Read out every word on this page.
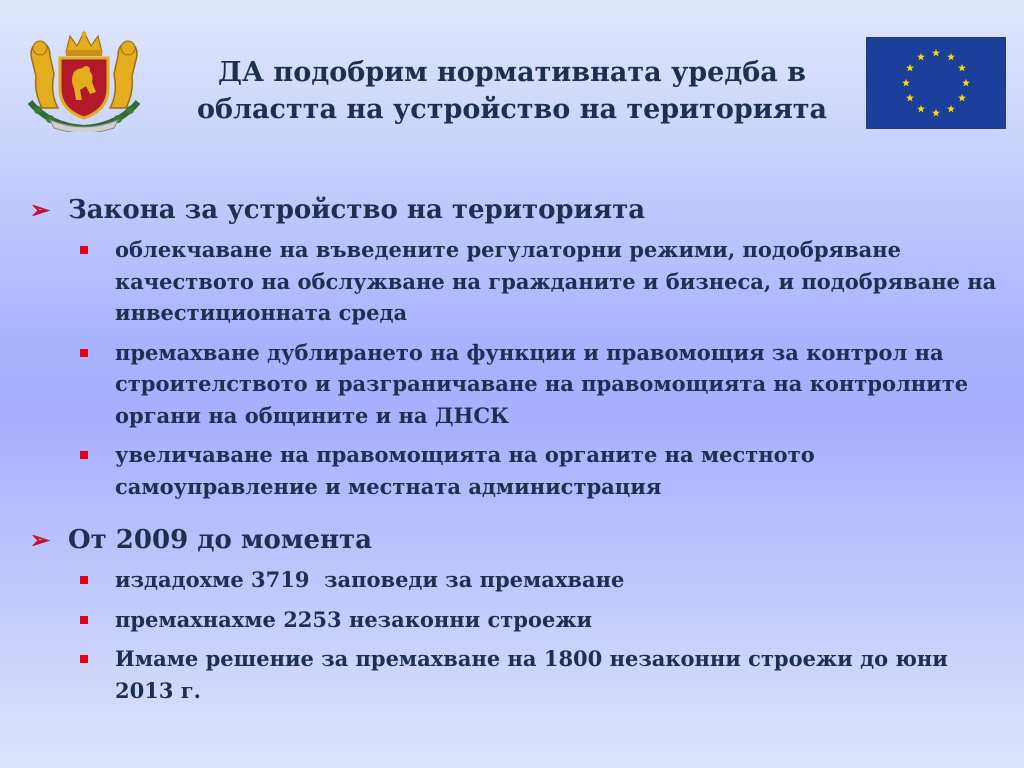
ДА подобрим нормативната уредба в областта на устройство на територията
➢ Закона за устройство на територията
облекчаване на въведените регулаторни режими, подобряване качеството на обслужване на гражданите и бизнеса, и подобряване на инвестиционната среда
премахване дублирането на функции и правомощия за контрол на строителството и разграничаване на правомощията на контролните органи на общините и на ДНСК
увеличаване на правомощията на органите на местното самоуправление и местната администрация
➢ От 2009 до момента
издадохме 3719  заповеди за премахване
премахнахме 2253 незаконни строежи
Имаме решение за премахване на 1800 незаконни строежи до юни 2013 г.
